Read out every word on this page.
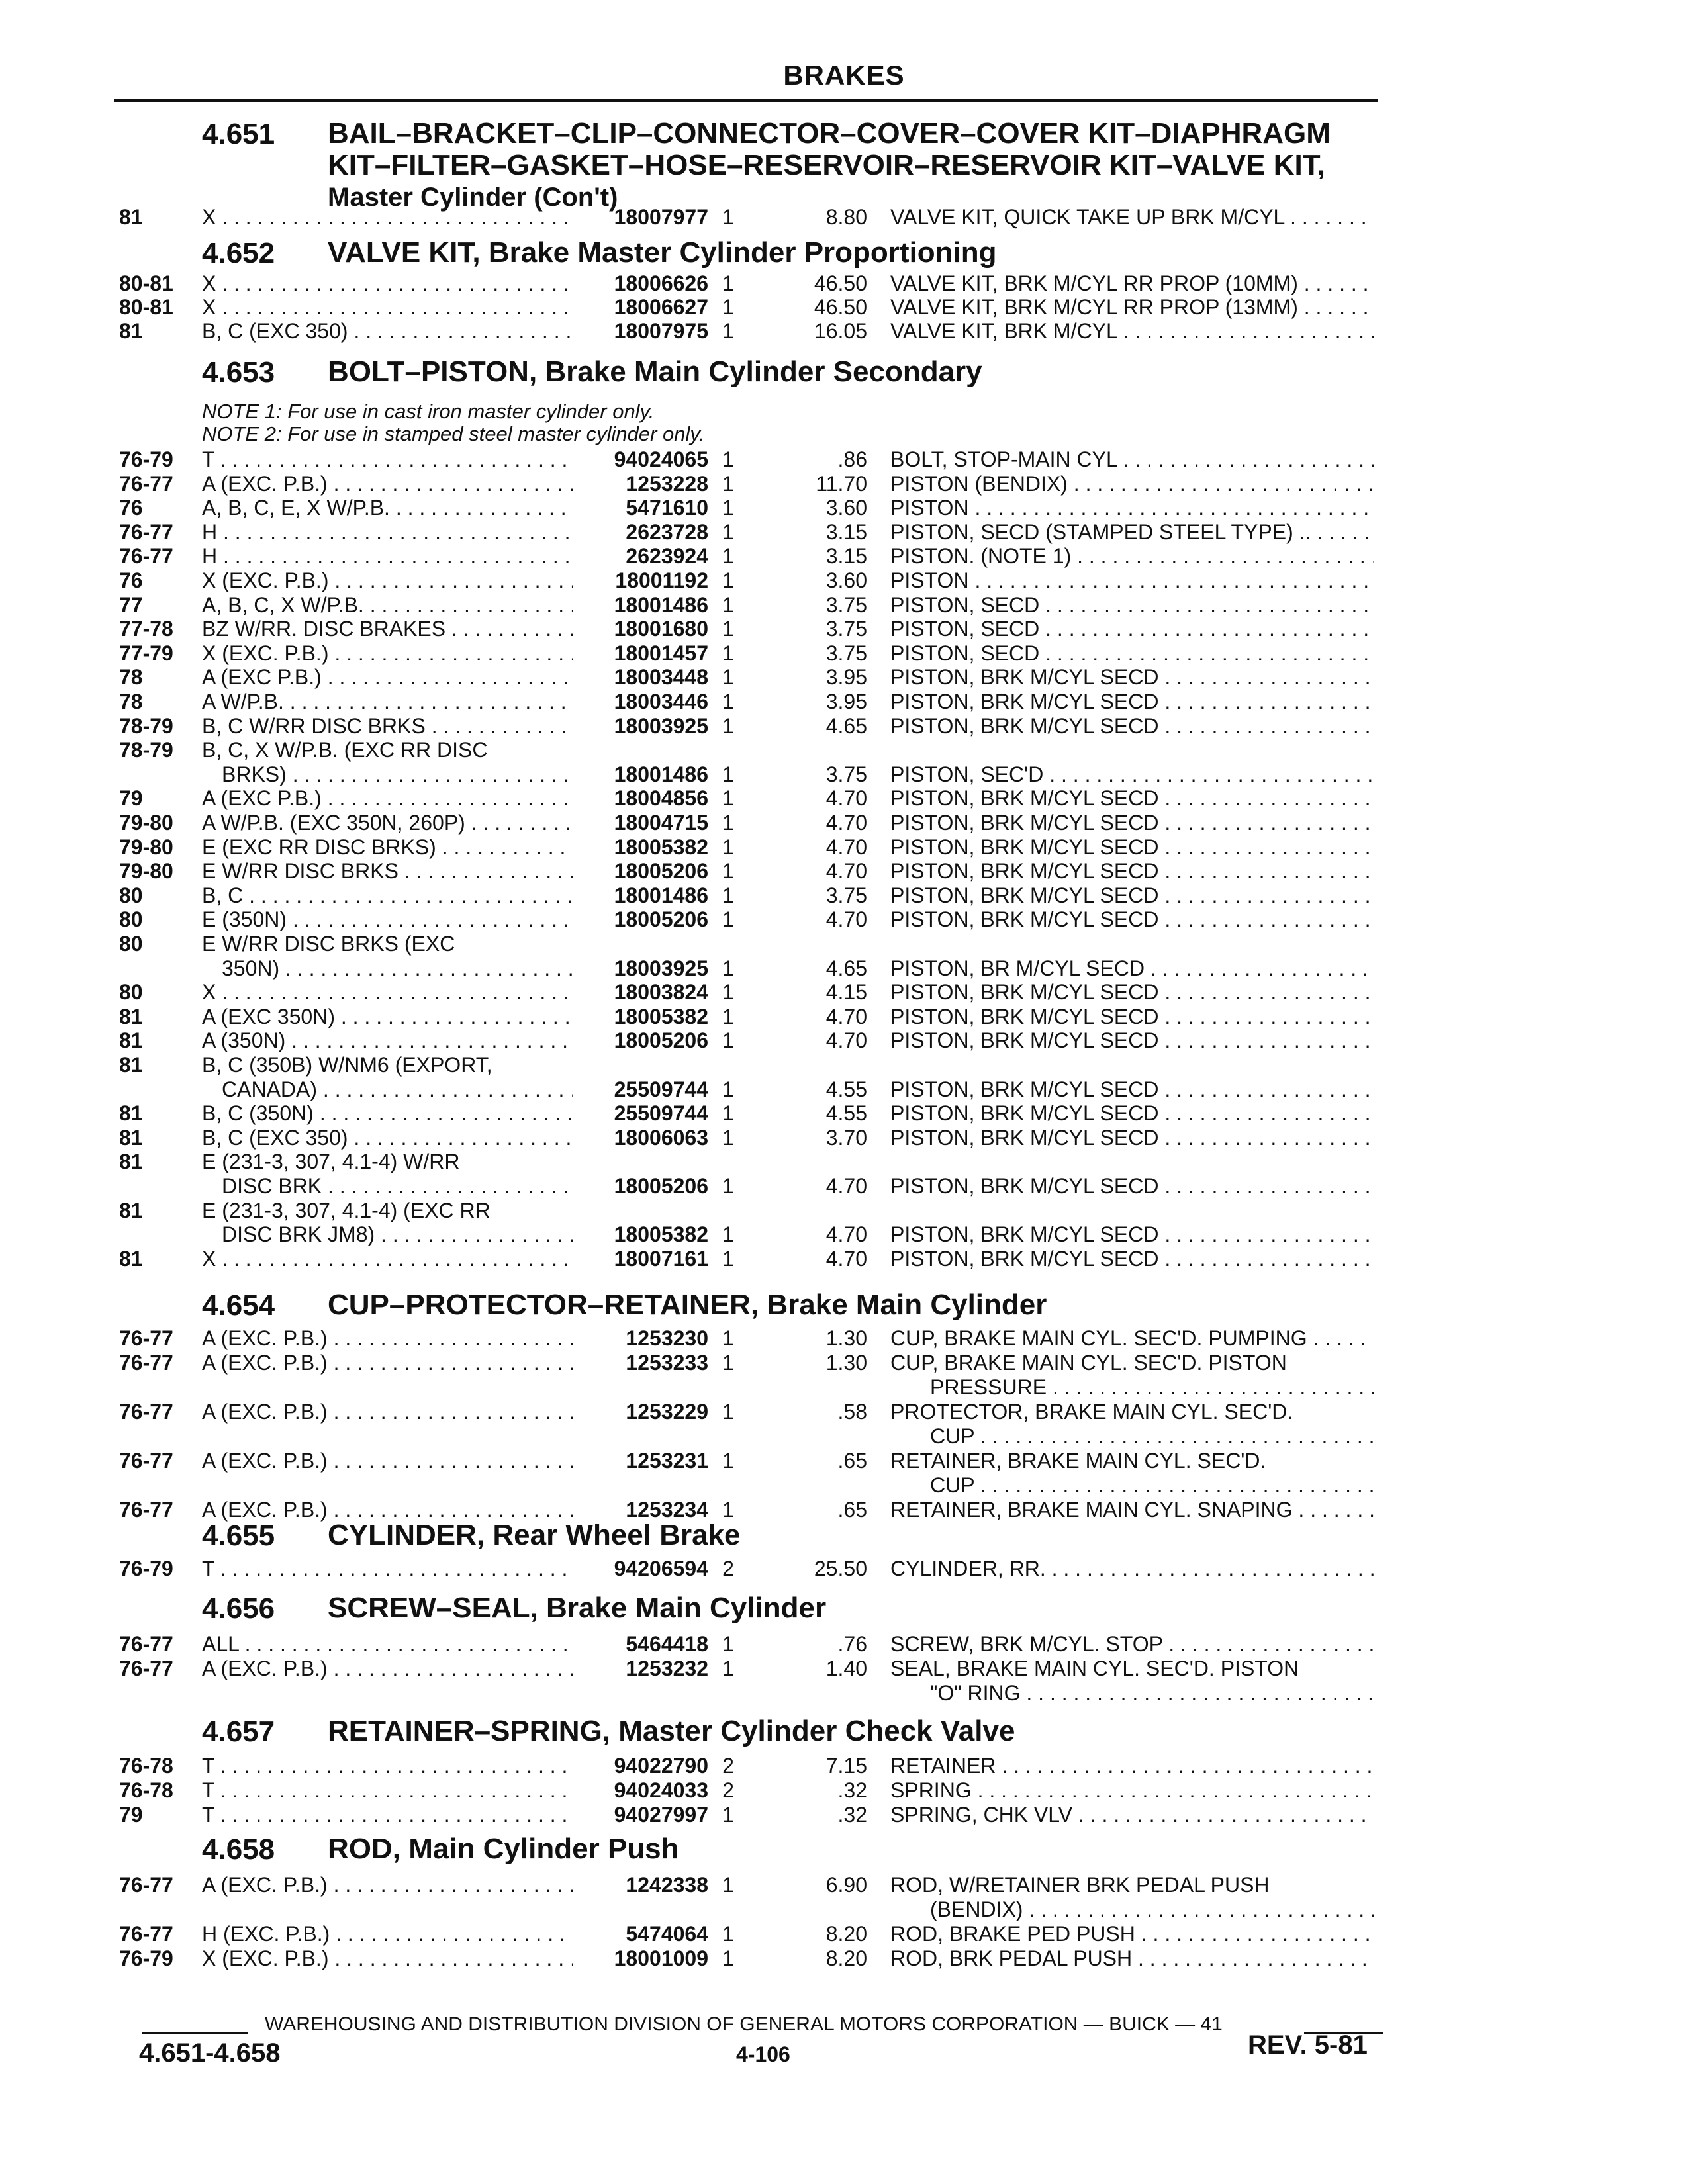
BRAKES
4.651 BAIL–BRACKET–CLIP–CONNECTOR–COVER–COVER KIT–DIAPHRAGM
KIT–FILTER–GASKET–HOSE–RESERVOIR–RESERVOIR KIT–VALVE KIT,
Master Cylinder (Con't)
81	X . . .	18007977 1	8.80 VALVE KIT, QUICK TAKE UP BRK M/CYL . . . .
4.652 VALVE KIT, Brake Master Cylinder Proportioning
80-81 X . . .	18006626 1	46.50 VALVE KIT, BRK M/CYL RR PROP (10MM) . . .
80-81 X . . .	18006627 1	46.50 VALVE KIT, BRK M/CYL RR PROP (13MM) . . .
81	B, C (EXC 350) . . .	18007975 1	16.05 VALVE KIT, BRK M/CYL . . .
4.653 BOLT–PISTON, Brake Main Cylinder Secondary
NOTE 1: For use in cast iron master cylinder only.
NOTE 2: For use in stamped steel master cylinder only.
76-79 T . . .	94024065 1	.86 BOLT, STOP-MAIN CYL . . .
76-77 A (EXC. P.B.) . . .	1253228 1	11.70 PISTON (BENDIX) . . .
76	A, B, C, E, X W/P.B. . . .	5471610 1	3.60 PISTON . . .
76-77 H . . .	2623728 1	3.15 PISTON, SECD (STAMPED STEEL TYPE) .. . . .
76-77 H . . .	2623924 1	3.15 PISTON. (NOTE 1) . . .
76	X (EXC. P.B.) . . .	18001192 1	3.60 PISTON . . .
77	A, B, C, X W/P.B. . . .	18001486 1	3.75 PISTON, SECD . . .
77-78 BZ W/RR. DISC BRAKES . . .	18001680 1	3.75 PISTON, SECD . . .
77-79 X (EXC. P.B.) . . .	18001457 1	3.75 PISTON, SECD . . .
78	A (EXC P.B.) . . .	18003448 1	3.95 PISTON, BRK M/CYL SECD . . .
78	A W/P.B. . . .	18003446 1	3.95 PISTON, BRK M/CYL SECD . . .
78-79 B, C W/RR DISC BRKS . . .	18003925 1	4.65 PISTON, BRK M/CYL SECD . . .
78-79 B, C, X W/P.B. (EXC RR DISC
BRKS) . . .	18001486 1	3.75 PISTON, SEC'D . . .
79	A (EXC P.B.) . . .	18004856 1	4.70 PISTON, BRK M/CYL SECD . . .
79-80 A W/P.B. (EXC 350N, 260P) . . .	18004715 1	4.70 PISTON, BRK M/CYL SECD . . .
79-80 E (EXC RR DISC BRKS) . . .	18005382 1	4.70 PISTON, BRK M/CYL SECD . . .
79-80 E W/RR DISC BRKS . . .	18005206 1	4.70 PISTON, BRK M/CYL SECD . . .
80	B, C . . .	18001486 1	3.75 PISTON, BRK M/CYL SECD . . .
80	E (350N) . . .	18005206 1	4.70 PISTON, BRK M/CYL SECD . . .
80	E W/RR DISC BRKS (EXC
350N) . . .	18003925 1	4.65 PISTON, BR M/CYL SECD . . .
80	X . . .	18003824 1	4.15 PISTON, BRK M/CYL SECD . . .
81	A (EXC 350N) . . .	18005382 1	4.70 PISTON, BRK M/CYL SECD . . .
81	A (350N) . . .	18005206 1	4.70 PISTON, BRK M/CYL SECD . . .
81	B, C (350B) W/NM6 (EXPORT,
CANADA) . . .	25509744 1	4.55 PISTON, BRK M/CYL SECD . . .
81	B, C (350N) . . .	25509744 1	4.55 PISTON, BRK M/CYL SECD . . .
81	B, C (EXC 350) . . .	18006063 1	3.70 PISTON, BRK M/CYL SECD . . .
81	E (231-3, 307, 4.1-4) W/RR
DISC BRK . . .	18005206 1	4.70 PISTON, BRK M/CYL SECD . . .
81	E (231-3, 307, 4.1-4) (EXC RR
DISC BRK JM8) . . .	18005382 1	4.70 PISTON, BRK M/CYL SECD . . .
81	X . . .	18007161 1	4.70 PISTON, BRK M/CYL SECD . . .
4.654 CUP–PROTECTOR–RETAINER, Brake Main Cylinder
76-77 A (EXC. P.B.) . . .	1253230 1	1.30 CUP, BRAKE MAIN CYL. SEC'D. PUMPING . . .
76-77 A (EXC. P.B.) . . .	1253233 1	1.30 CUP, BRAKE MAIN CYL. SEC'D. PISTON
PRESSURE . . .
76-77 A (EXC. P.B.) . . .	1253229 1	.58 PROTECTOR, BRAKE MAIN CYL. SEC'D.
CUP . . .
76-77 A (EXC. P.B.) . . .	1253231 1	.65 RETAINER, BRAKE MAIN CYL. SEC'D.
CUP . . .
76-77 A (EXC. P.B.) . . .	1253234 1	.65 RETAINER, BRAKE MAIN CYL. SNAPING . . . .
4.655 CYLINDER, Rear Wheel Brake
76-79 T . . .	94206594 2	25.50 CYLINDER, RR. . . .
4.656 SCREW–SEAL, Brake Main Cylinder
76-77 ALL . . .	5464418 1	.76 SCREW, BRK M/CYL. STOP . . .
76-77 A (EXC. P.B.) . . .	1253232 1	1.40 SEAL, BRAKE MAIN CYL. SEC'D. PISTON
"O" RING . . .
4.657 RETAINER–SPRING, Master Cylinder Check Valve
76-78 T . . .	94022790 2	7.15 RETAINER . . .
76-78 T . . .	94024033 2	.32 SPRING . . .
79	T . . .	94027997 1	.32 SPRING, CHK VLV . . .
4.658 ROD, Main Cylinder Push
76-77 A (EXC. P.B.) . . .	1242338 1	6.90 ROD, W/RETAINER BRK PEDAL PUSH
(BENDIX) . . .
76-77 H (EXC. P.B.) . . .	5474064 1	8.20 ROD, BRAKE PED PUSH . . .
76-79 X (EXC. P.B.) . . .	18001009 1	8.20 ROD, BRK PEDAL PUSH . . .
WAREHOUSING AND DISTRIBUTION DIVISION OF GENERAL MOTORS CORPORATION — BUICK — 41
4.651-4.658	4-106	REV. 5-81
